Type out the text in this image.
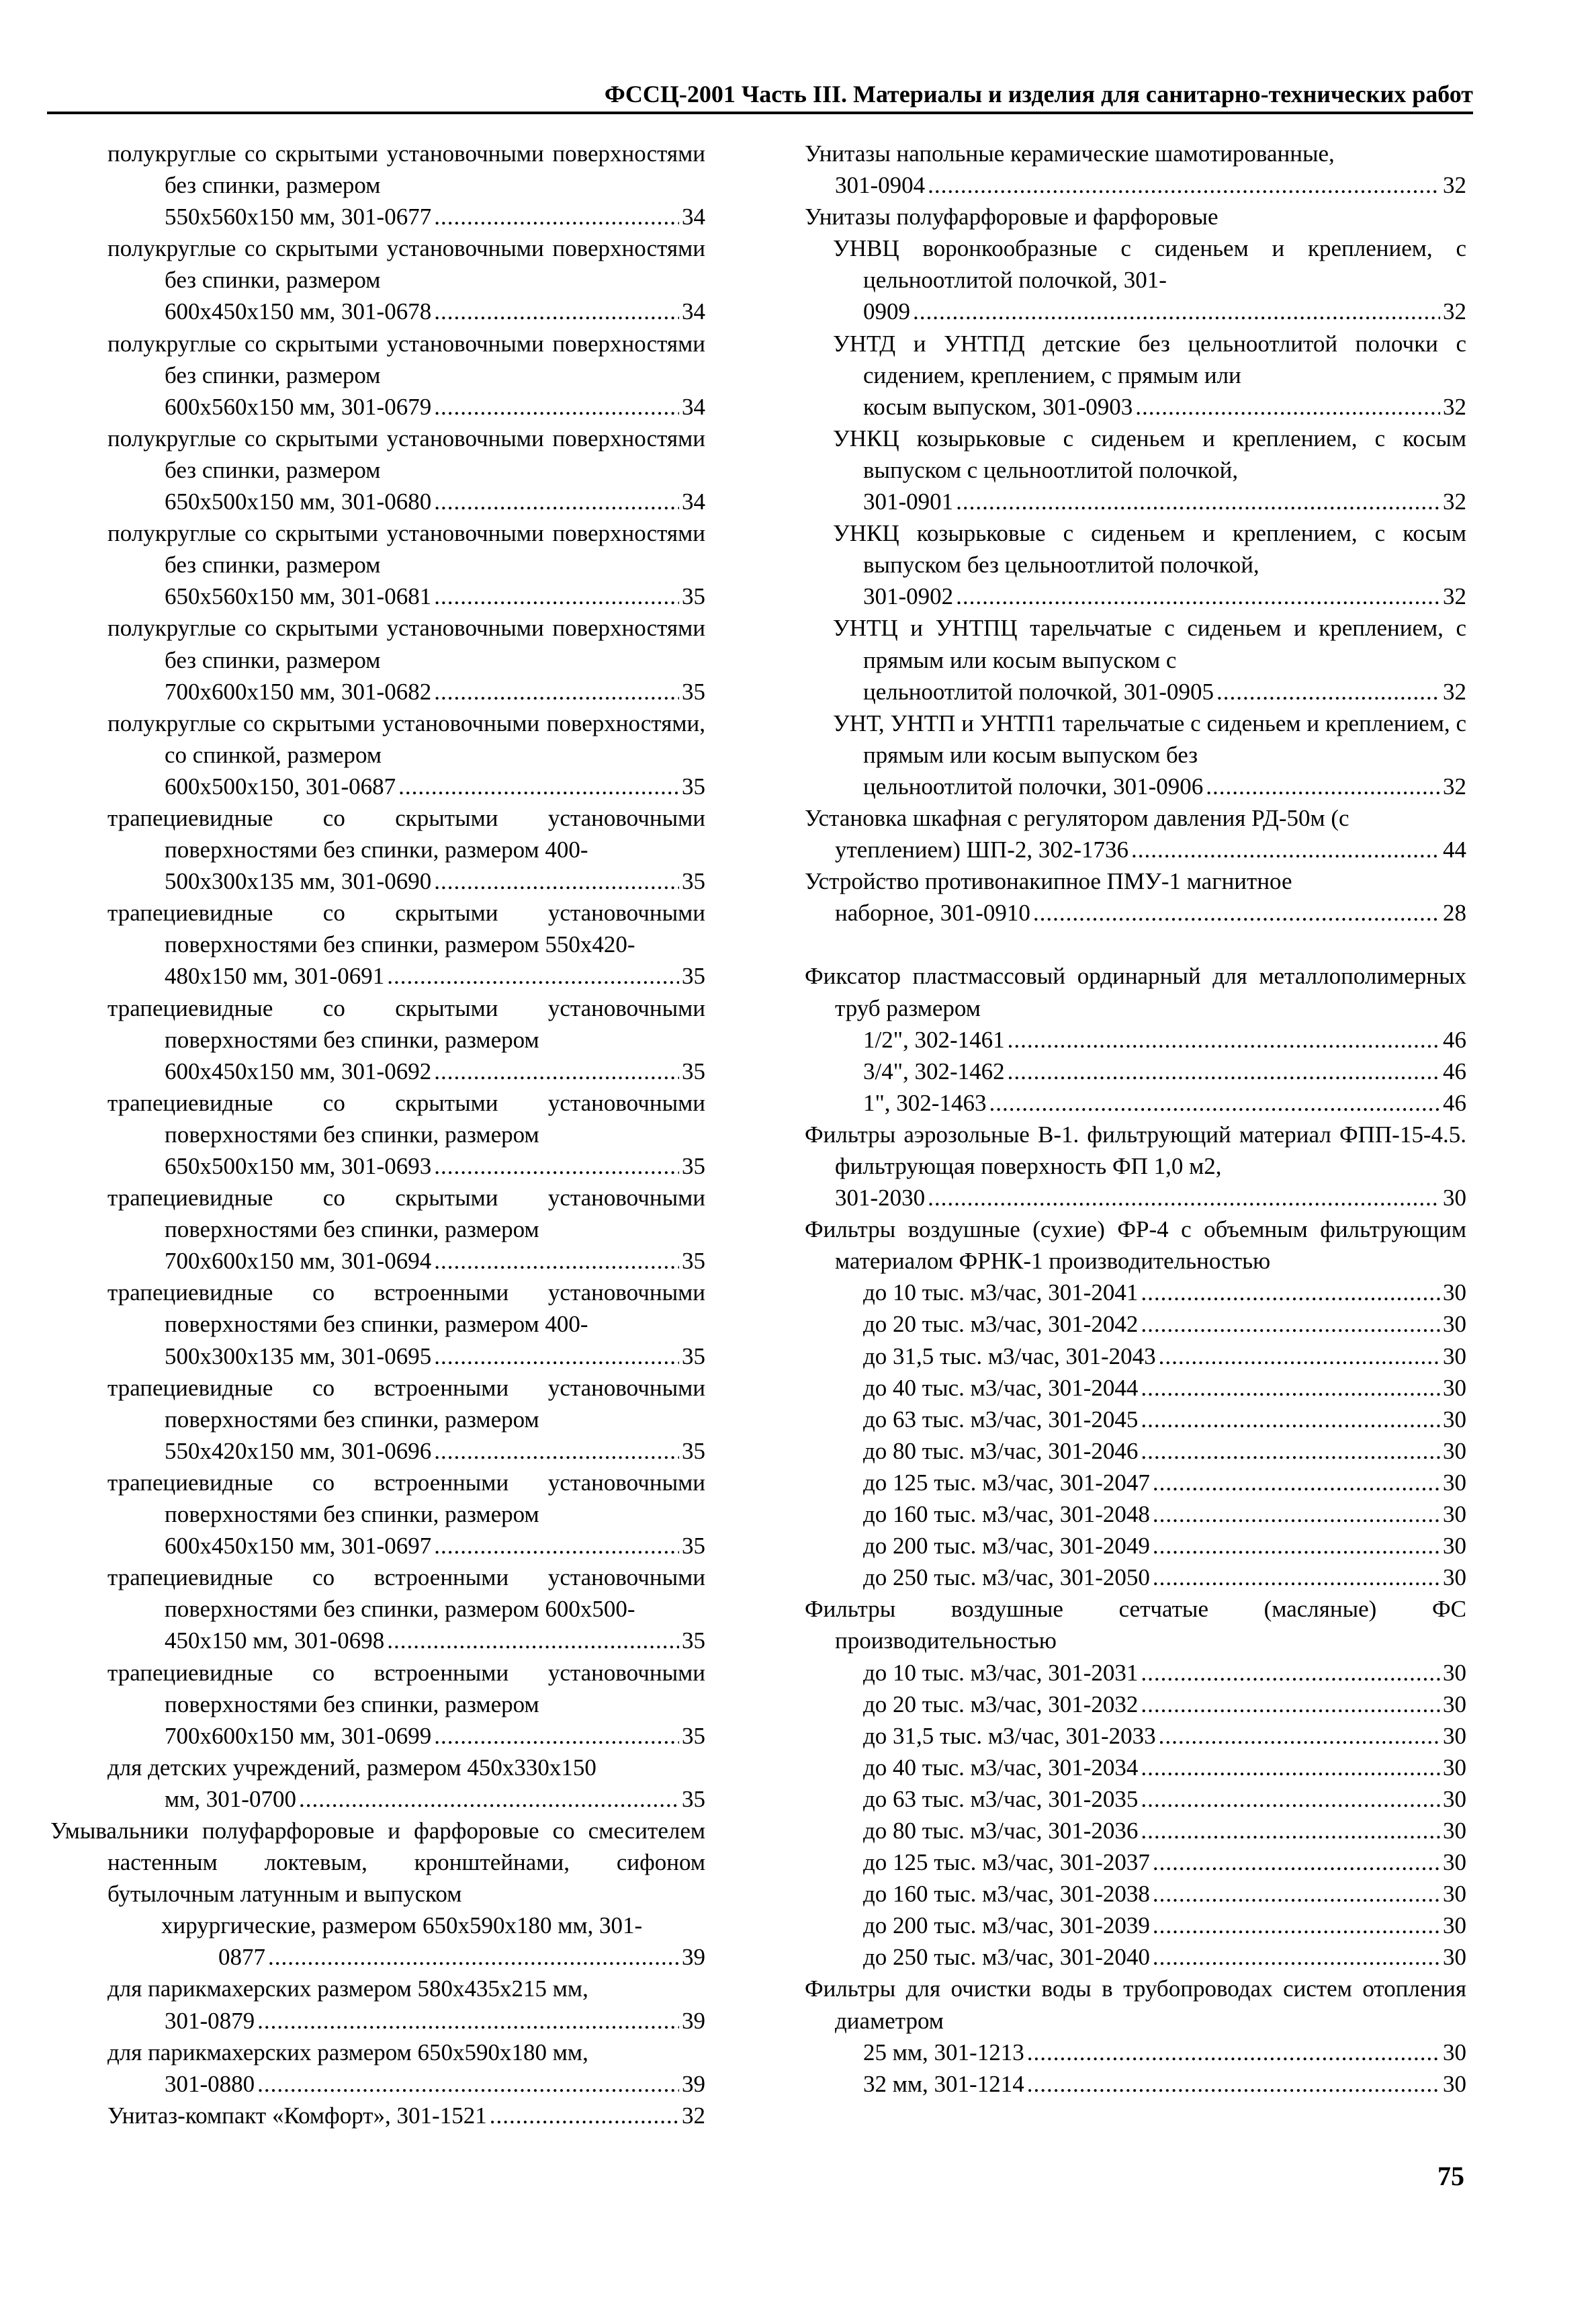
ФССЦ-2001 Часть III. Материалы и изделия для санитарно-технических работ
полукруглые со скрытыми установочными поверхностями без спинки, размером
550x560x150 мм, 301-0677 .....	34
полукруглые со скрытыми установочными поверхностями без спинки, размером
600x450x150 мм, 301-0678 .....	34
полукруглые со скрытыми установочными поверхностями без спинки, размером
600x560x150 мм, 301-0679 .....	34
полукруглые со скрытыми установочными поверхностями без спинки, размером
650x500x150 мм, 301-0680 .....	34
полукруглые со скрытыми установочными поверхностями без спинки, размером
650x560x150 мм, 301-0681 .....	35
полукруглые со скрытыми установочными поверхностями без спинки, размером
700x600x150 мм, 301-0682 .....	35
полукруглые со скрытыми установочными поверхностями, со спинкой, размером
600x500x150, 301-0687 .....	35
трапециевидные со скрытыми установочными поверхностями без спинки, размером 400-
500x300x135 мм, 301-0690 .....	35
трапециевидные со скрытыми установочными поверхностями без спинки, размером 550x420-
480x150 мм, 301-0691 .....	35
трапециевидные со скрытыми установочными поверхностями без спинки, размером
600x450x150 мм, 301-0692 .....	35
трапециевидные со скрытыми установочными поверхностями без спинки, размером
650x500x150 мм, 301-0693 .....	35
трапециевидные со скрытыми установочными поверхностями без спинки, размером
700x600x150 мм, 301-0694 .....	35
трапециевидные со встроенными установочными поверхностями без спинки, размером 400-
500x300x135 мм, 301-0695 .....	35
трапециевидные со встроенными установочными поверхностями без спинки, размером
550x420x150 мм, 301-0696 .....	35
трапециевидные со встроенными установочными поверхностями без спинки, размером
600x450x150 мм, 301-0697 .....	35
трапециевидные со встроенными установочными поверхностями без спинки, размером 600x500-
450x150 мм, 301-0698 .....	35
трапециевидные со встроенными установочными поверхностями без спинки, размером
700x600x150 мм, 301-0699 .....	35
для детских учреждений, размером 450x330x150
мм, 301-0700 .....	35
Умывальники полуфарфоровые и фарфоровые со смесителем настенным локтевым, кронштейнами, сифоном бутылочным латунным и выпуском
хирургические, размером 650x590x180 мм, 301-
0877 .....	39
для парикмахерских размером 580x435x215 мм,
301-0879 .....	39
для парикмахерских размером 650x590x180 мм,
301-0880 .....	39
Унитаз-компакт «Комфорт», 301-1521 .....	32
Унитазы напольные керамические шамотированные,
301-0904 .....	32
Унитазы полуфарфоровые и фарфоровые
УНВЦ воронкообразные с сиденьем и креплением, с цельноотлитой полочкой, 301-
0909 .....	32
УНТД и УНТПД детские без цельноотлитой полочки с сидением, креплением, с прямым или
косым выпуском, 301-0903 .....	32
УНКЦ козырьковые с сиденьем и креплением, с косым выпуском с цельноотлитой полочкой,
301-0901 .....	32
УНКЦ козырьковые с сиденьем и креплением, с косым выпуском без цельноотлитой полочкой,
301-0902 .....	32
УНТЦ и УНТПЦ тарельчатые с сиденьем и креплением, с прямым или косым выпуском с
цельноотлитой полочкой, 301-0905 .....	32
УНТ, УНТП и УНТП1 тарельчатые с сиденьем и креплением, с прямым или косым выпуском без
цельноотлитой полочки, 301-0906 .....	32
Установка шкафная с регулятором давления РД-50м (с
утеплением) ШП-2, 302-1736 .....	44
Устройство противонакипное ПМУ-1 магнитное
наборное, 301-0910 .....	28
Фиксатор пластмассовый ординарный для металлополимерных труб размером
1/2", 302-1461 .....	46
3/4", 302-1462 .....	46
1", 302-1463 .....	46
Фильтры аэрозольные В-1. фильтрующий материал ФПП-15-4.5. фильтрующая поверхность ФП 1,0 м2,
301-2030 .....	30
Фильтры воздушные (сухие) ФР-4 с объемным фильтрующим материалом ФРНК-1 производительностью
до 10 тыс. м3/час, 301-2041 .....	30
до 20 тыс. м3/час, 301-2042 .....	30
до 31,5 тыс. м3/час, 301-2043 .....	30
до 40 тыс. м3/час, 301-2044 .....	30
до 63 тыс. м3/час, 301-2045 .....	30
до 80 тыс. м3/час, 301-2046 .....	30
до 125 тыс. м3/час, 301-2047 .....	30
до 160 тыс. м3/час, 301-2048 .....	30
до 200 тыс. м3/час, 301-2049 .....	30
до 250 тыс. м3/час, 301-2050 .....	30
Фильтры воздушные сетчатые (масляные) ФС производительностью
до 10 тыс. м3/час, 301-2031 .....	30
до 20 тыс. м3/час, 301-2032 .....	30
до 31,5 тыс. м3/час, 301-2033 .....	30
до 40 тыс. м3/час, 301-2034 .....	30
до 63 тыс. м3/час, 301-2035 .....	30
до 80 тыс. м3/час, 301-2036 .....	30
до 125 тыс. м3/час, 301-2037 .....	30
до 160 тыс. м3/час, 301-2038 .....	30
до 200 тыс. м3/час, 301-2039 .....	30
до 250 тыс. м3/час, 301-2040 .....	30
Фильтры для очистки воды в трубопроводах систем отопления диаметром
25 мм, 301-1213 .....	30
32 мм, 301-1214 .....	30
75
